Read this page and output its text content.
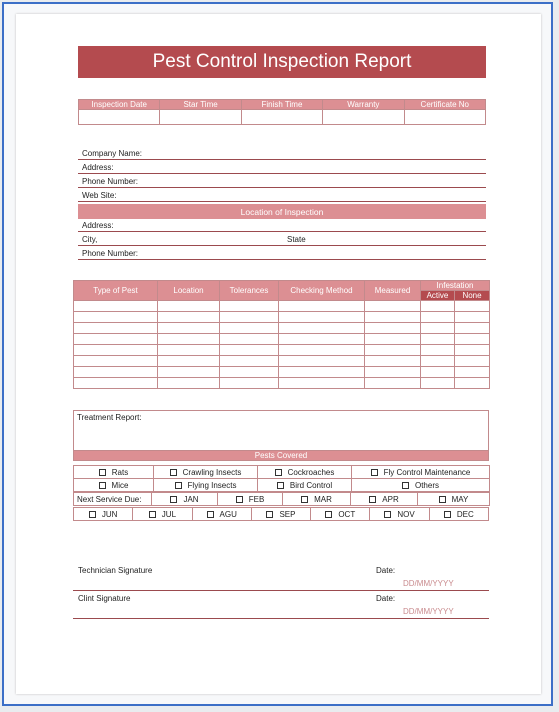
Pest Control Inspection Report
Inspection Date	Star Time	Finish Time	Warranty	Certificate No

Company Name:
Address:
Phone Number:
Web Site:
Location of Inspection
Address:
City,	State
Phone Number:
Type of Pest	Location	Tolerances	Checking Method	Measured	Infestation	
					Active	None

Treatment Report:
Pests Covered
Rats	Crawling Insects	Cockroaches	Fly Control Maintenance
Mice	Flying Insects	Bird Control	Others
Next Service Due:	JAN	FEB	MAR	APR	MAY
JUN	JUL	AGU	SEP	OCT	NOV	DEC
Technician Signature	Date:
DD/MM/YYYY
Clint Signature	Date:
DD/MM/YYYY
